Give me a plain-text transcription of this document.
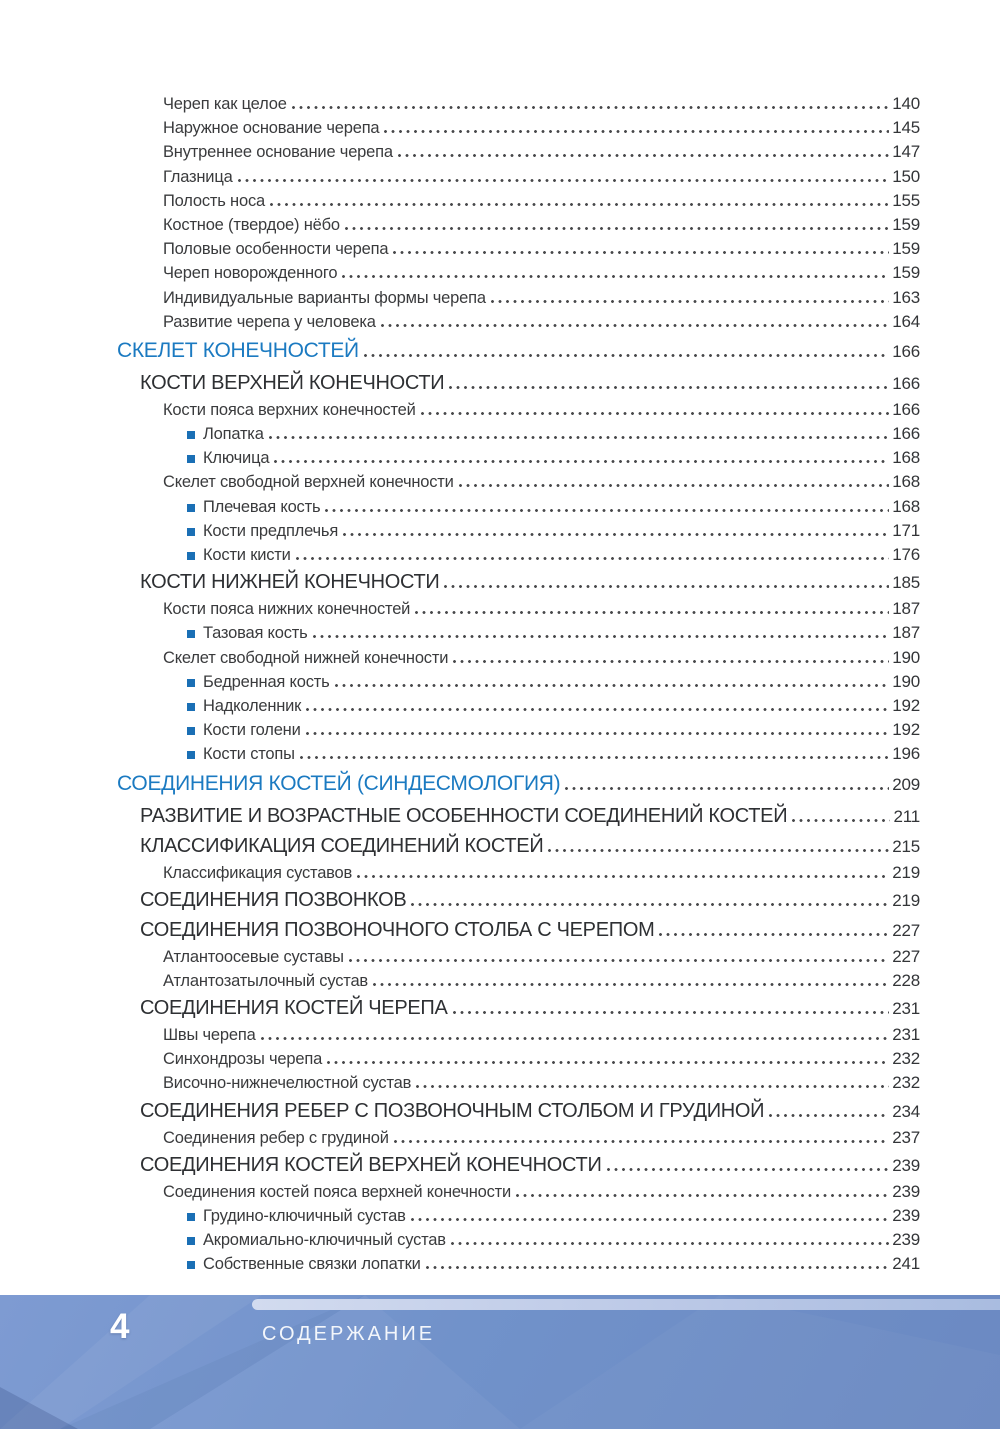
Череп как целое	140
Наружное основание черепа	145
Внутреннее основание черепа	147
Глазница	150
Полость носа	155
Костное (твердое) нёбо	159
Половые особенности черепа	159
Череп новорожденного	159
Индивидуальные варианты формы черепа	163
Развитие черепа у человека	164
СКЕЛЕТ КОНЕЧНОСТЕЙ	166
КОСТИ ВЕРХНЕЙ КОНЕЧНОСТИ	166
Кости пояса верхних конечностей	166
Лопатка	166
Ключица	168
Скелет свободной верхней конечности	168
Плечевая кость	168
Кости предплечья	171
Кости кисти	176
КОСТИ НИЖНЕЙ КОНЕЧНОСТИ	185
Кости пояса нижних конечностей	187
Тазовая кость	187
Скелет свободной нижней конечности	190
Бедренная кость	190
Надколенник	192
Кости голени	192
Кости стопы	196
СОЕДИНЕНИЯ КОСТЕЙ (СИНДЕСМОЛОГИЯ)	209
РАЗВИТИЕ И ВОЗРАСТНЫЕ ОСОБЕННОСТИ СОЕДИНЕНИЙ КОСТЕЙ	211
КЛАССИФИКАЦИЯ СОЕДИНЕНИЙ КОСТЕЙ	215
Классификация суставов	219
СОЕДИНЕНИЯ ПОЗВОНКОВ	219
СОЕДИНЕНИЯ ПОЗВОНОЧНОГО СТОЛБА С ЧЕРЕПОМ	227
Атлантоосевые суставы	227
Атлантозатылочный сустав	228
СОЕДИНЕНИЯ КОСТЕЙ ЧЕРЕПА	231
Швы черепа	231
Синхондрозы черепа	232
Височно-нижнечелюстной сустав	232
СОЕДИНЕНИЯ РЕБЕР С ПОЗВОНОЧНЫМ СТОЛБОМ И ГРУДИНОЙ	234
Соединения ребер с грудиной	237
СОЕДИНЕНИЯ КОСТЕЙ ВЕРХНЕЙ КОНЕЧНОСТИ	239
Соединения костей пояса верхней конечности	239
Грудино-ключичный сустав	239
Акромиально-ключичный сустав	239
Собственные связки лопатки	241
4	СОДЕРЖАНИЕ
